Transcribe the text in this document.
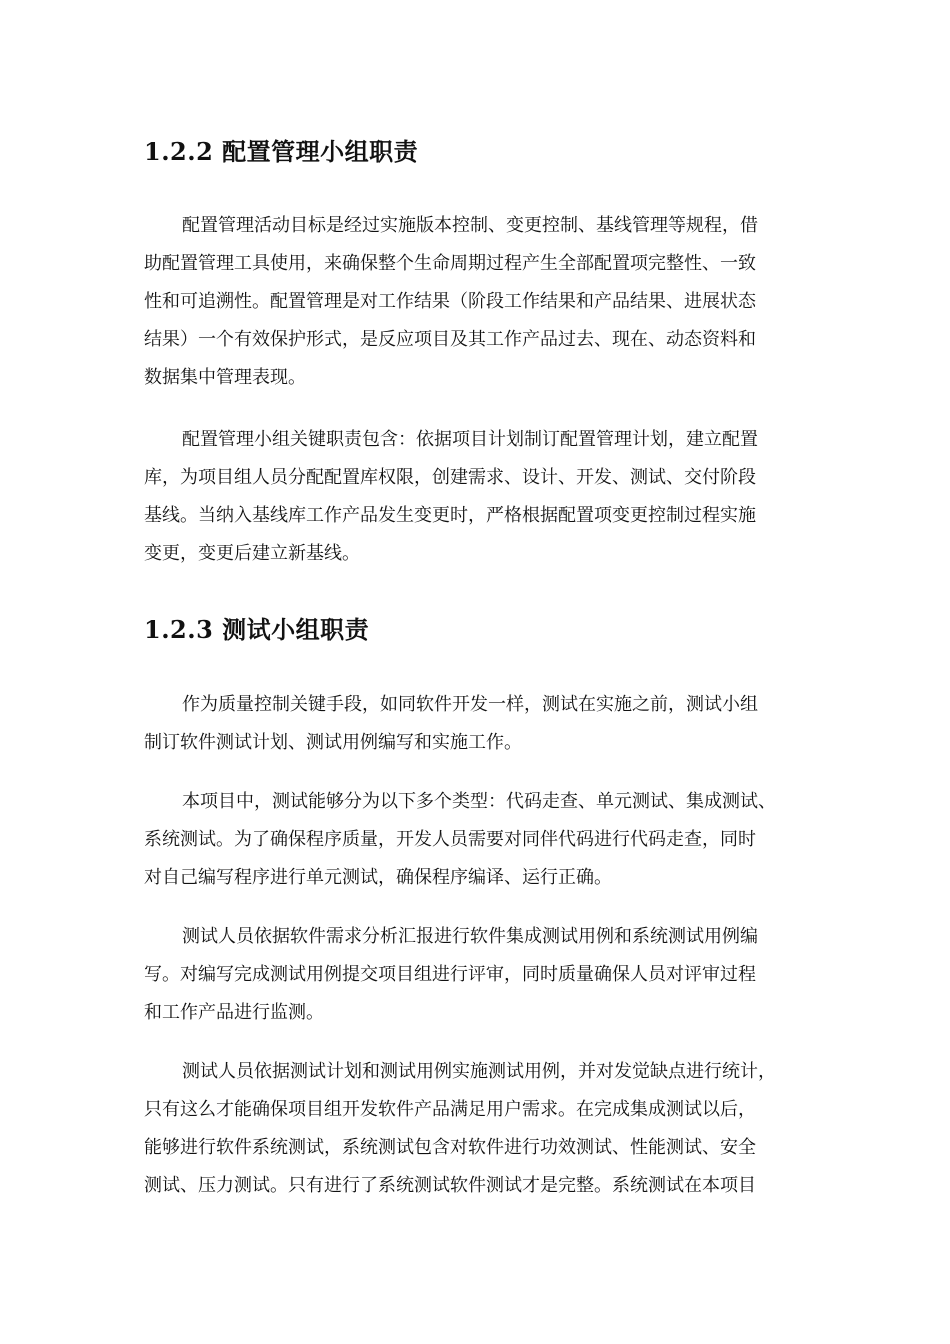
1.2.2 配置管理小组职责
配置管理活动目标是经过实施版本控制、变更控制、基线管理等规程，借
助配置管理工具使用，来确保整个生命周期过程产生全部配置项完整性、一致
性和可追溯性。配置管理是对工作结果（阶段工作结果和产品结果、进展状态
结果）一个有效保护形式，是反应项目及其工作产品过去、现在、动态资料和
数据集中管理表现。
配置管理小组关键职责包含：依据项目计划制订配置管理计划，建立配置
库，为项目组人员分配配置库权限，创建需求、设计、开发、测试、交付阶段
基线。当纳入基线库工作产品发生变更时，严格根据配置项变更控制过程实施
变更，变更后建立新基线。
1.2.3 测试小组职责
作为质量控制关键手段，如同软件开发一样，测试在实施之前，测试小组
制订软件测试计划、测试用例编写和实施工作。
本项目中，测试能够分为以下多个类型：代码走查、单元测试、集成测试、
系统测试。为了确保程序质量，开发人员需要对同伴代码进行代码走查，同时
对自己编写程序进行单元测试，确保程序编译、运行正确。
测试人员依据软件需求分析汇报进行软件集成测试用例和系统测试用例编
写。对编写完成测试用例提交项目组进行评审，同时质量确保人员对评审过程
和工作产品进行监测。
测试人员依据测试计划和测试用例实施测试用例，并对发觉缺点进行统计，
只有这么才能确保项目组开发软件产品满足用户需求。在完成集成测试以后，
能够进行软件系统测试，系统测试包含对软件进行功效测试、性能测试、安全
测试、压力测试。只有进行了系统测试软件测试才是完整。系统测试在本项目
